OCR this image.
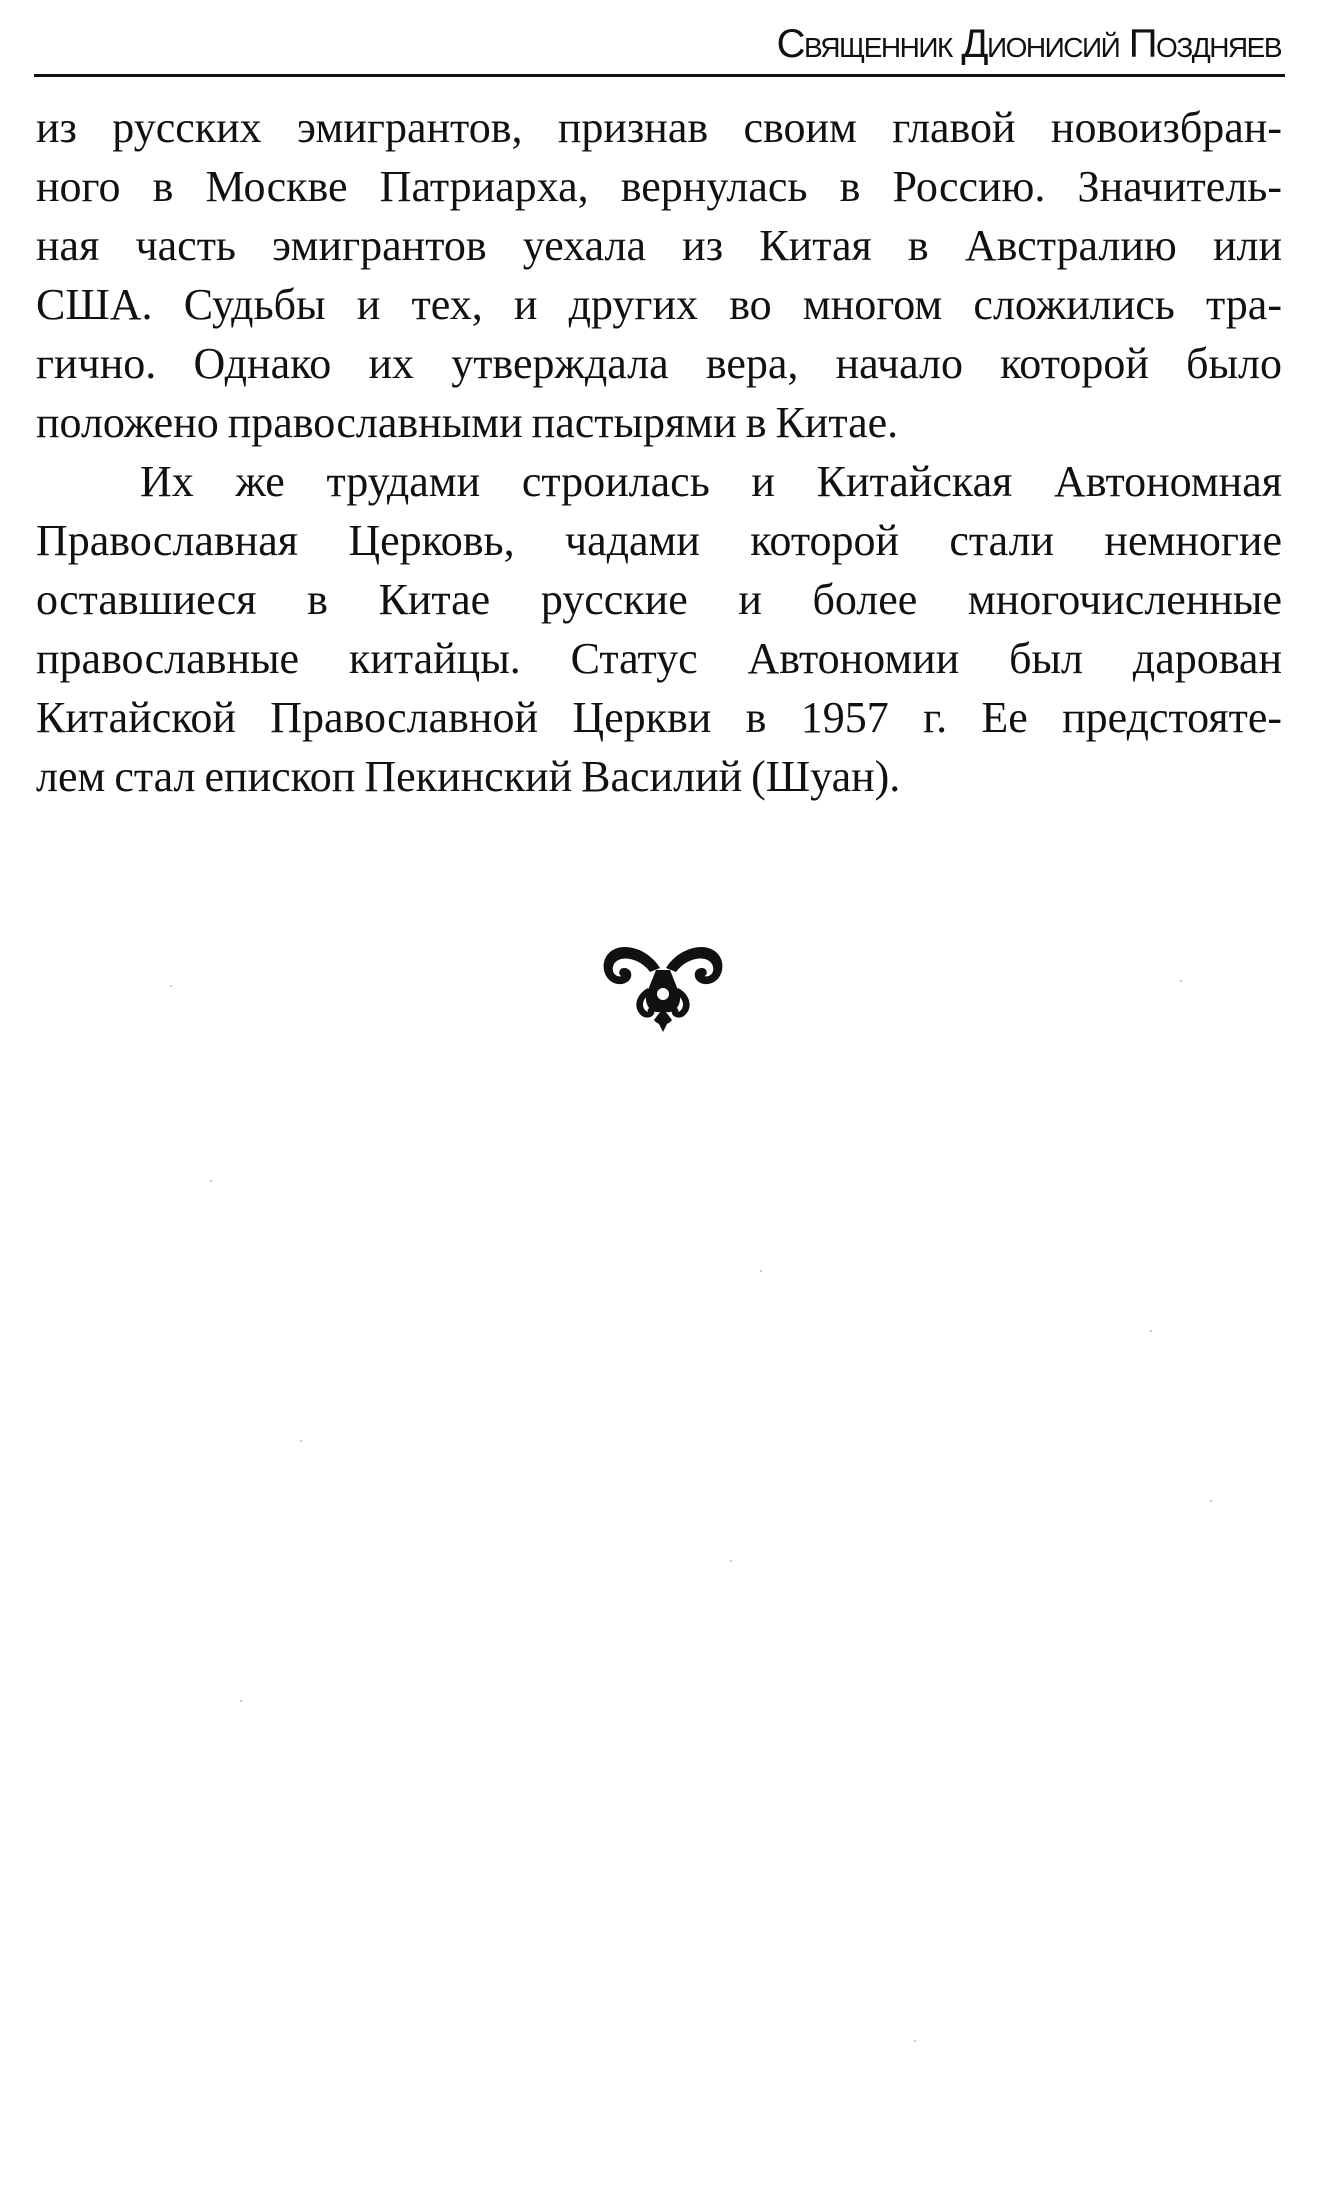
Священник Дионисий Поздняев
из русских эмигрантов, признав своим главой новоизбран-
ного в Москве Патриарха, вернулась в Россию. Значитель-
ная часть эмигрантов уехала из Китая в Австралию или
США. Судьбы и тех, и других во многом сложились тра-
гично. Однако их утверждала вера, начало которой было
положено православными пастырями в Китае.
Их же трудами строилась и Китайская Автономная
Православная Церковь, чадами которой стали немногие
оставшиеся в Китае русские и более многочисленные
православные китайцы. Статус Автономии был дарован
Китайской Православной Церкви в 1957 г. Ее предстояте-
лем стал епископ Пекинский Василий (Шуан).
